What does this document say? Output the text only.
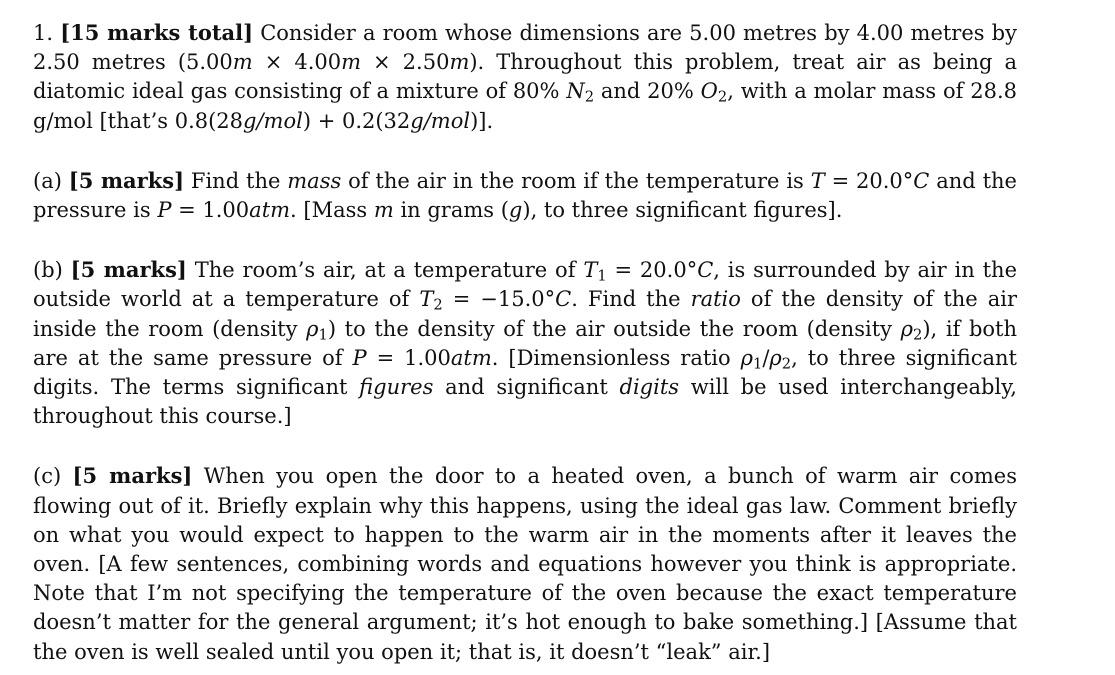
1. [15 marks total] Consider a room whose dimensions are 5.00 metres by 4.00 metres by 2.50 metres (5.00m × 4.00m × 2.50m). Throughout this problem, treat air as being a diatomic ideal gas consisting of a mixture of 80% $N_2$ and 20% $O_2$, with a molar mass of 28.8 g/mol [that’s 0.8(28g/mol) + 0.2(32g/mol)].

(a) [5 marks] Find the mass of the air in the room if the temperature is T = 20.0°C and the pressure is P = 1.00atm. [Mass m in grams (g), to three significant figures].

(b) [5 marks] The room’s air, at a temperature of $T_1 = 20.0^\circ C$, is surrounded by air in the outside world at a temperature of $T_2 = -15.0^\circ C$. Find the ratio of the density of the air inside the room (density $\rho_1$) to the density of the air outside the room (density $\rho_2$), if both are at the same pressure of P = 1.00atm. [Dimensionless ratio $\rho_1/\rho_2$, to three significant digits. The terms significant figures and significant digits will be used interchangeably, throughout this course.]

(c) [5 marks] When you open the door to a heated oven, a bunch of warm air comes flowing out of it. Briefly explain why this happens, using the ideal gas law. Comment briefly on what you would expect to happen to the warm air in the moments after it leaves the oven. [A few sentences, combining words and equations however you think is appropriate. Note that I’m not specifying the temperature of the oven because the exact temperature doesn’t matter for the general argument; it’s hot enough to bake something.] [Assume that the oven is well sealed until you open it; that is, it doesn’t “leak” air.]
